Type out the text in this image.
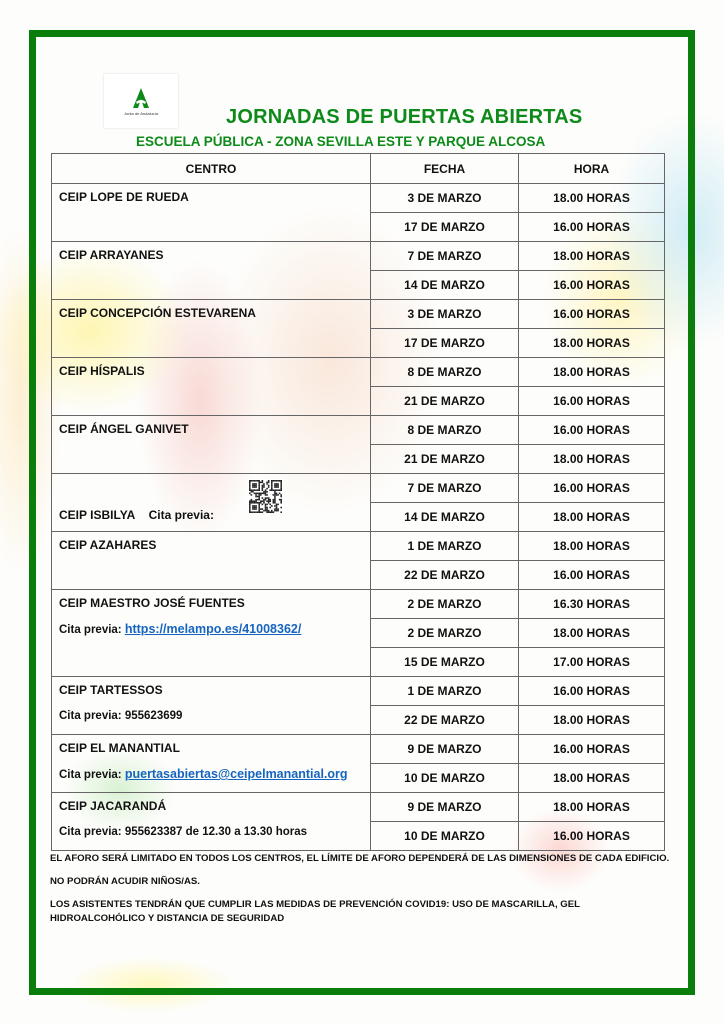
Junta de Andalucía	JORNADAS DE PUERTAS ABIERTAS
ESCUELA PÚBLICA - ZONA SEVILLA ESTE Y PARQUE ALCOSA
CENTRO	FECHA	HORA

CEIP LOPE DE RUEDA	3 DE MARZO	18.00 HORAS

	17 DE MARZO	16.00 HORAS

CEIP ARRAYANES	7 DE MARZO	18.00 HORAS

	14 DE MARZO	16.00 HORAS

CEIP CONCEPCIÓN ESTEVARENA	3 DE MARZO	16.00 HORAS

	17 DE MARZO	18.00 HORAS

CEIP HÍSPALIS	8 DE MARZO	18.00 HORAS

	21 DE MARZO	16.00 HORAS

CEIP ÁNGEL GANIVET	8 DE MARZO	16.00 HORAS

	21 DE MARZO	18.00 HORAS

CEIP ISBILYA Cita previa:	7 DE MARZO	16.00 HORAS

	14 DE MARZO	18.00 HORAS

CEIP AZAHARES	1 DE MARZO	18.00 HORAS

	22 DE MARZO	16.00 HORAS

CEIP MAESTRO JOSÉ FUENTES
Cita previa: https://melampo.es/41008362/	2 DE MARZO	16.30 HORAS

	2 DE MARZO	18.00 HORAS

	15 DE MARZO	17.00 HORAS

CEIP TARTESSOS
Cita previa: 955623699	1 DE MARZO	16.00 HORAS

	22 DE MARZO	18.00 HORAS

CEIP EL MANANTIAL
Cita previa: puertasabiertas@ceipelmanantial.org	9 DE MARZO	16.00 HORAS

	10 DE MARZO	18.00 HORAS

CEIP JACARANDÁ
Cita previa: 955623387 de 12.30 a 13.30 horas	9 DE MARZO	18.00 HORAS

	10 DE MARZO	16.00 HORAS

EL AFORO SERÁ LIMITADO EN TODOS LOS CENTROS, EL LÍMITE DE AFORO DEPENDERÁ DE LAS DIMENSIONES DE CADA EDIFICIO.

NO PODRÁN ACUDIR NIÑOS/AS.

LOS ASISTENTES TENDRÁN QUE CUMPLIR LAS MEDIDAS DE PREVENCIÓN COVID19: USO DE MASCARILLA, GEL HIDROALCOHÓLICO Y DISTANCIA DE SEGURIDAD
